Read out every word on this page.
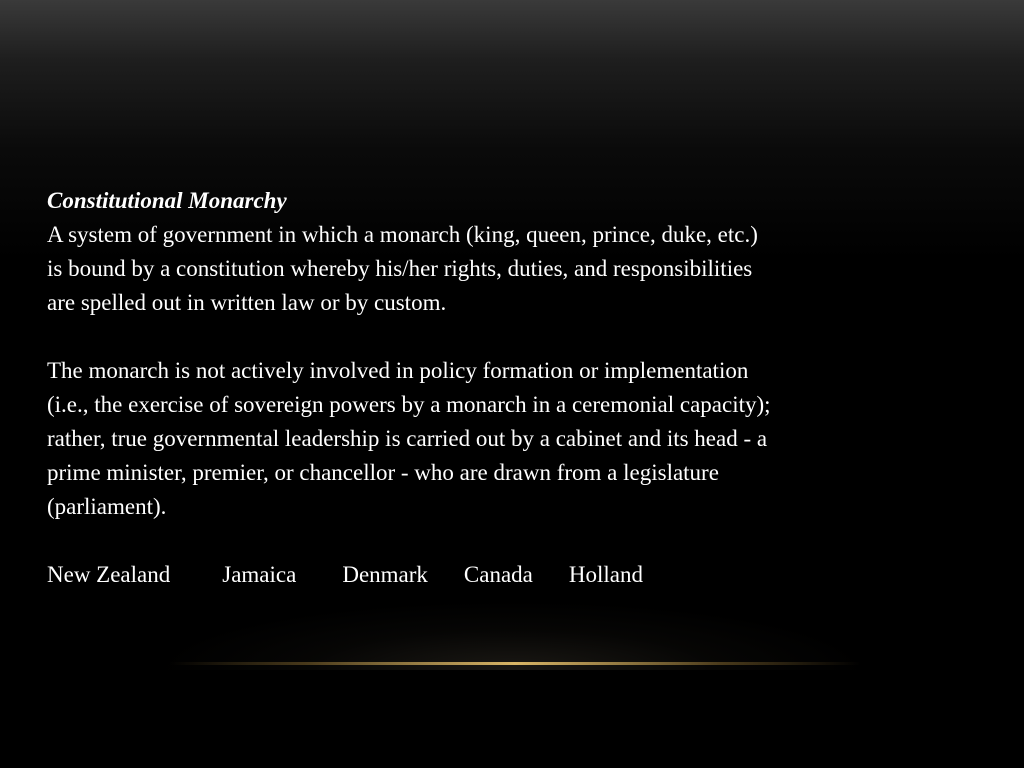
Constitutional Monarchy
A system of government in which a monarch (king, queen, prince, duke, etc.)
is bound by a constitution whereby his/her rights, duties, and responsibilities
are spelled out in written law or by custom.
The monarch is not actively involved in policy formation or implementation
(i.e., the exercise of sovereign powers by a monarch in a ceremonial capacity);
rather, true governmental leadership is carried out by a cabinet and its head - a
prime minister, premier, or chancellor - who are drawn from a legislature
(parliament).
New Zealand Jamaica Denmark Canada Holland
